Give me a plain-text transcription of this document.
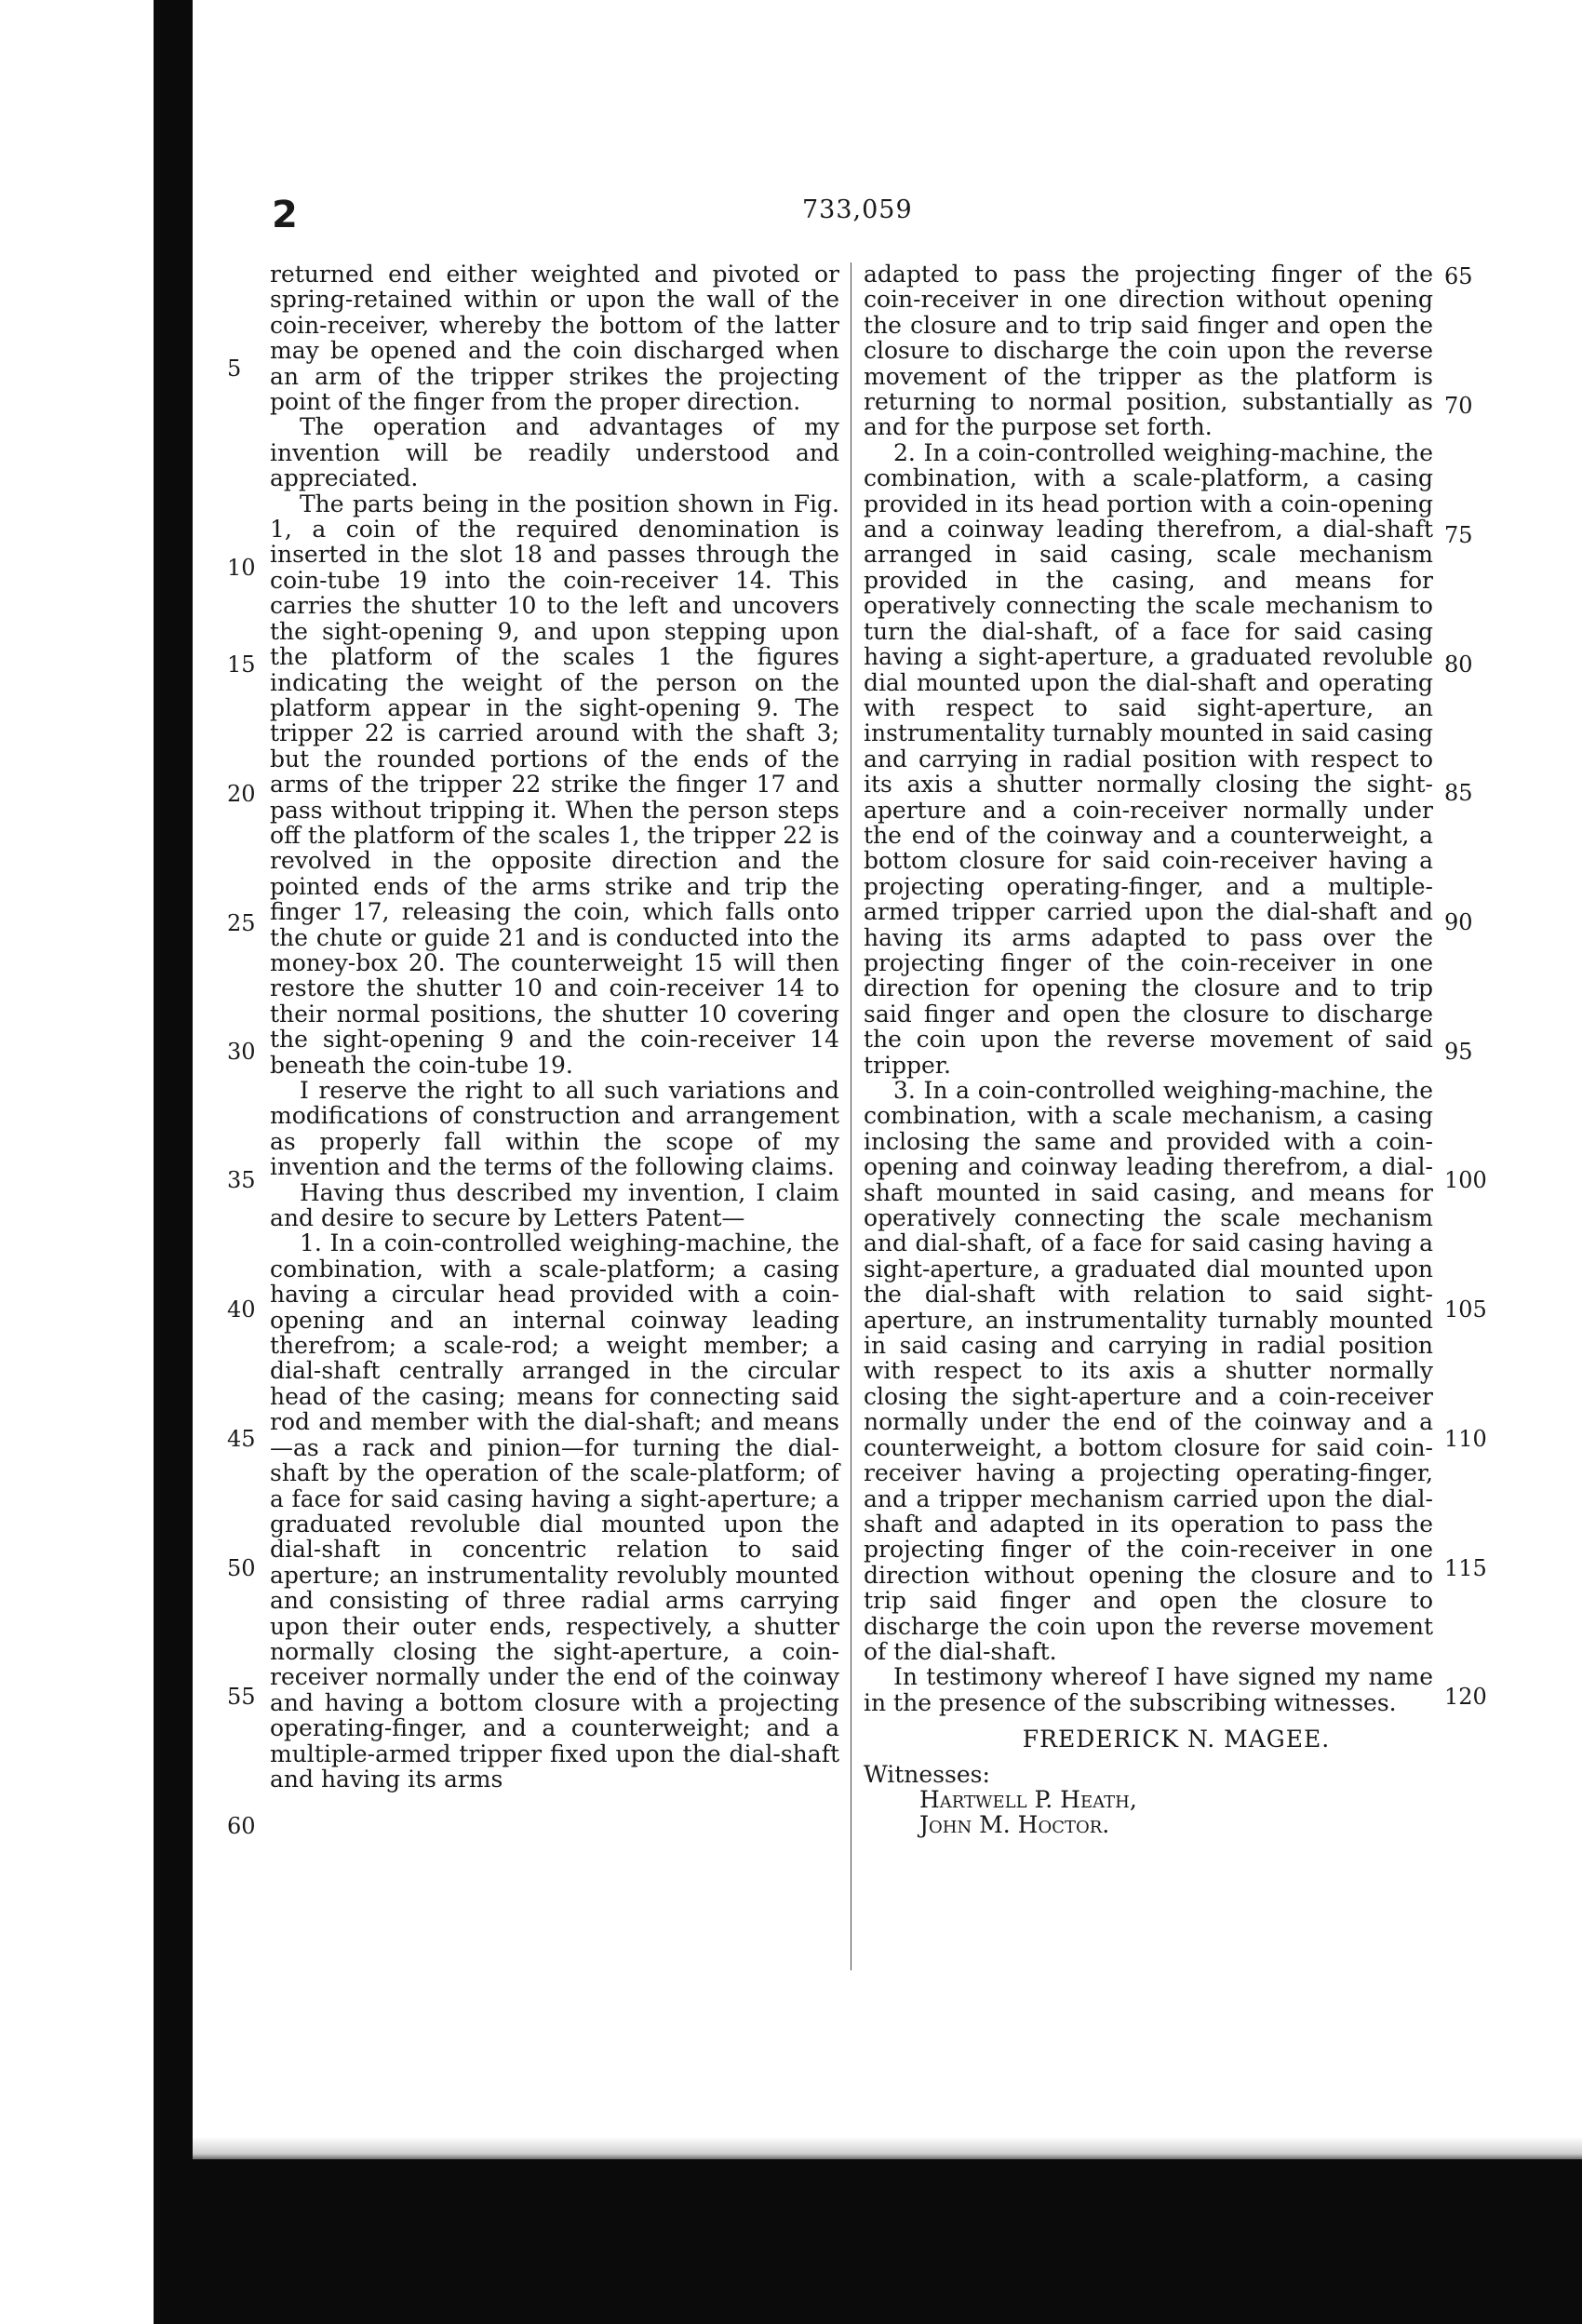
2	733,059

returned end either weighted and pivoted or spring-retained within or upon the wall of the coin-receiver, whereby the bottom of the latter may be opened and the coin discharged when an arm of the tripper strikes the projecting point of the finger from the proper direction.

The operation and advantages of my invention will be readily understood and appreciated.

The parts being in the position shown in Fig. 1, a coin of the required denomination is inserted in the slot 18 and passes through the coin-tube 19 into the coin-receiver 14. This carries the shutter 10 to the left and uncovers the sight-opening 9, and upon stepping upon the platform of the scales 1 the figures indicating the weight of the person on the platform appear in the sight-opening 9. The tripper 22 is carried around with the shaft 3; but the rounded portions of the ends of the arms of the tripper 22 strike the finger 17 and pass without tripping it. When the person steps off the platform of the scales 1, the tripper 22 is revolved in the opposite direction and the pointed ends of the arms strike and trip the finger 17, releasing the coin, which falls onto the chute or guide 21 and is conducted into the money-box 20. The counterweight 15 will then restore the shutter 10 and coin-receiver 14 to their normal positions, the shutter 10 covering the sight-opening 9 and the coin-receiver 14 beneath the coin-tube 19.

I reserve the right to all such variations and modifications of construction and arrangement as properly fall within the scope of my invention and the terms of the following claims.

Having thus described my invention, I claim and desire to secure by Letters Patent—

1. In a coin-controlled weighing-machine, the combination, with a scale-platform; a casing having a circular head provided with a coin-opening and an internal coinway leading therefrom; a scale-rod; a weight member; a dial-shaft centrally arranged in the circular head of the casing; means for connecting said rod and member with the dial-shaft; and means—as a rack and pinion—for turning the dial-shaft by the operation of the scale-platform; of a face for said casing having a sight-aperture; a graduated revoluble dial mounted upon the dial-shaft in concentric relation to said aperture; an instrumentality revolubly mounted and consisting of three radial arms carrying upon their outer ends, respectively, a shutter normally closing the sight-aperture, a coin-receiver normally under the end of the coinway and having a bottom closure with a projecting operating-finger, and a counterweight; and a multiple-armed tripper fixed upon the dial-shaft and having its arms

adapted to pass the projecting finger of the coin-receiver in one direction without opening the closure and to trip said finger and open the closure to discharge the coin upon the reverse movement of the tripper as the platform is returning to normal position, substantially as and for the purpose set forth.

2. In a coin-controlled weighing-machine, the combination, with a scale-platform, a casing provided in its head portion with a coin-opening and a coinway leading therefrom, a dial-shaft arranged in said casing, scale mechanism provided in the casing, and means for operatively connecting the scale mechanism to turn the dial-shaft, of a face for said casing having a sight-aperture, a graduated revoluble dial mounted upon the dial-shaft and operating with respect to said sight-aperture, an instrumentality turnably mounted in said casing and carrying in radial position with respect to its axis a shutter normally closing the sight-aperture and a coin-receiver normally under the end of the coinway and a counterweight, a bottom closure for said coin-receiver having a projecting operating-finger, and a multiple-armed tripper carried upon the dial-shaft and having its arms adapted to pass over the projecting finger of the coin-receiver in one direction for opening the closure and to trip said finger and open the closure to discharge the coin upon the reverse movement of said tripper.

3. In a coin-controlled weighing-machine, the combination, with a scale mechanism, a casing inclosing the same and provided with a coin-opening and coinway leading therefrom, a dial-shaft mounted in said casing, and means for operatively connecting the scale mechanism and dial-shaft, of a face for said casing having a sight-aperture, a graduated dial mounted upon the dial-shaft with relation to said sight-aperture, an instrumentality turnably mounted in said casing and carrying in radial position with respect to its axis a shutter normally closing the sight-aperture and a coin-receiver normally under the end of the coinway and a counterweight, a bottom closure for said coin-receiver having a projecting operating-finger, and a tripper mechanism carried upon the dial-shaft and adapted in its operation to pass the projecting finger of the coin-receiver in one direction without opening the closure and to trip said finger and open the closure to discharge the coin upon the reverse movement of the dial-shaft.

In testimony whereof I have signed my name in the presence of the subscribing witnesses.

FREDERICK N. MAGEE.

Witnesses:

Hartwell P. Heath,

John M. Hoctor.

5
10
15
20
25
30
35
40
45
50
55
60
65
70
75
80
85
90
95
100
105
110
115
120
